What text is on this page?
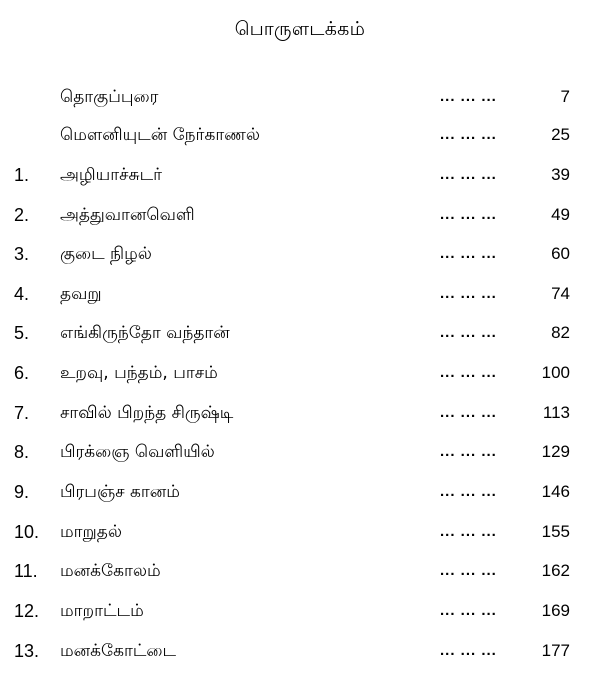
பொருளடக்கம்
தொகுப்புரை	... ... ...	7
மௌனியுடன் நேர்காணல்	... ... ...	25
1.	அழியாச்சுடர்	... ... ...	39
2.	அத்துவானவெளி	... ... ...	49
3.	குடை நிழல்	... ... ...	60
4.	தவறு	... ... ...	74
5.	எங்கிருந்தோ வந்தான்	... ... ...	82
6.	உறவு, பந்தம், பாசம்	... ... ...	100
7.	சாவில் பிறந்த சிருஷ்டி	... ... ...	113
8.	பிரக்ஞை வெளியில்	... ... ...	129
9.	பிரபஞ்ச கானம்	... ... ...	146
10.	மாறுதல்	... ... ...	155
11.	மனக்கோலம்	... ... ...	162
12.	மாறாட்டம்	... ... ...	169
13.	மனக்கோட்டை	... ... ...	177
